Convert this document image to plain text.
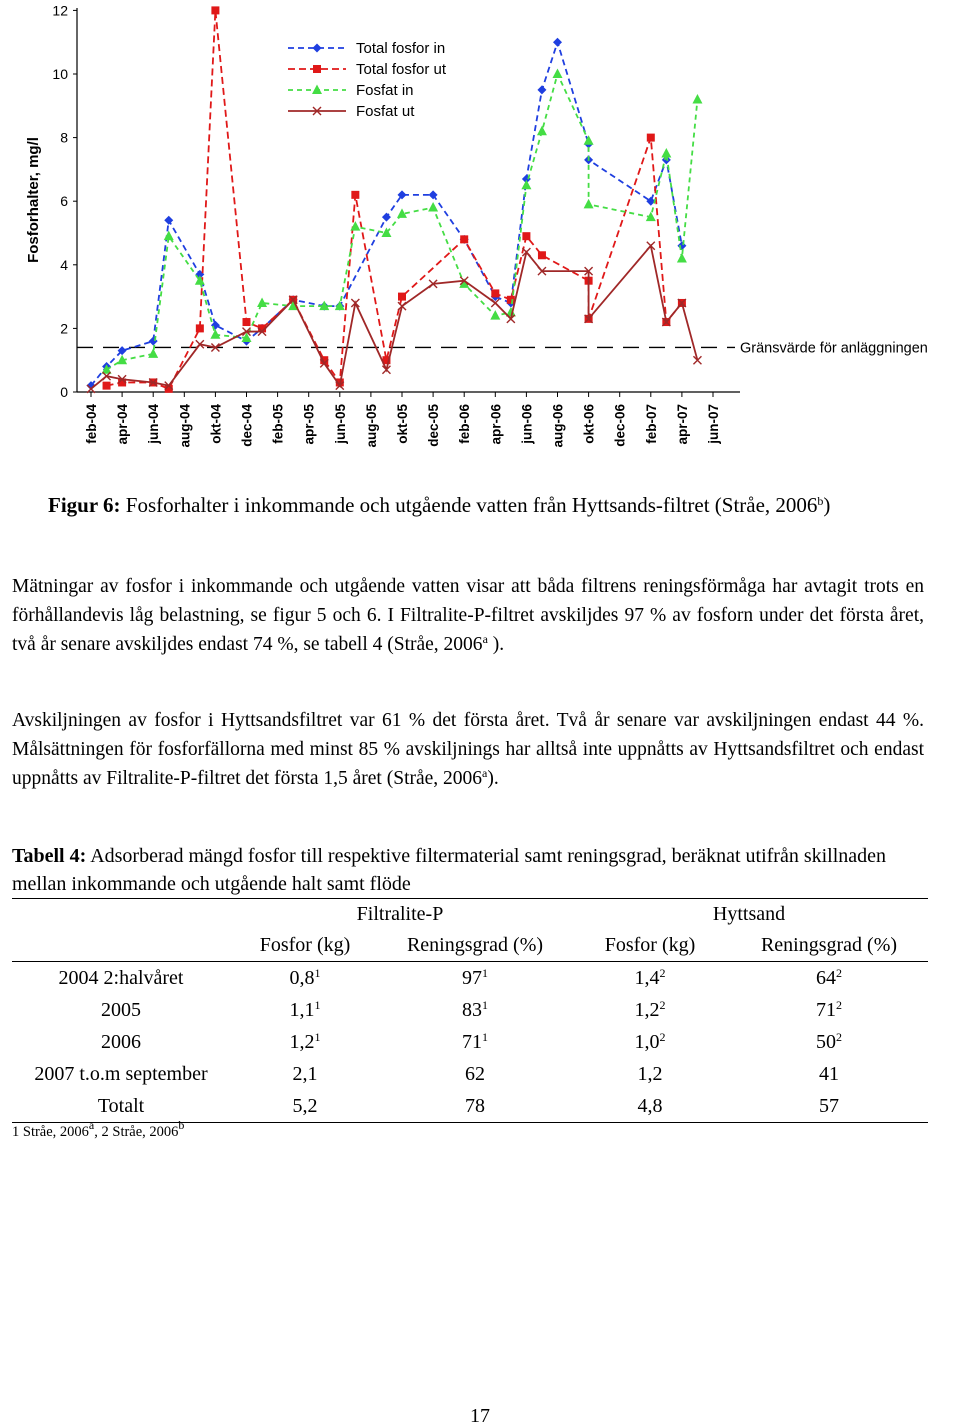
Fosforhalter, mg/l
0
2
4
6
8
10
12
feb-04 apr-04 jun-04 aug-04 okt-04 dec-04 feb-05 apr-05 jun-05 aug-05 okt-05 dec-05 feb-06 apr-06 jun-06 aug-06 okt-06 dec-06 feb-07 apr-07 jun-07
Gränsvärde för anläggningen
Total fosfor in
Total fosfor ut
Fosfat in
Fosfat ut
Figur 6: Fosforhalter i inkommande och utgående vatten från Hyttsands-filtret (Stråe, 2006$^b$)
Mätningar av fosfor i inkommande och utgående vatten visar att båda filtrens reningsförmåga har avtagit trots en förhållandevis låg belastning, se figur 5 och 6. I Filtralite-P-filtret avskiljdes 97 % av fosforn under det första året, två år senare avskiljdes endast 74 %, se tabell 4 (Stråe, 2006$^a$ ).
Avskiljningen av fosfor i Hyttsandsfiltret var 61 % det första året. Två år senare var avskiljningen endast 44 %. Målsättningen för fosforfällorna med minst 85 % avskiljnings har alltså inte uppnåtts av Hyttsandsfiltret och endast uppnåtts av Filtralite-P-filtret det första 1,5 året (Stråe, 2006$^a$).
Tabell 4: Adsorberad mängd fosfor till respektive filtermaterial samt reningsgrad, beräknat utifrån skillnaden mellan inkommande och utgående halt samt flöde
	Filtralite-P		Hyttsand	
	Fosfor (kg)	Reningsgrad (%)	Fosfor (kg)	Reningsgrad (%)
2004 2:halvåret	$0,8^1$	$97^1$	$1,4^2$	$64^2$
2005	$1,1^1$	$83^1$	$1,2^2$	$71^2$
2006	$1,2^1$	$71^1$	$1,0^2$	$50^2$
2007 t.o.m september	2,1	62	1,2	41
Totalt	5,2	78	4,8	57
1 Stråe, 2006$^a$, 2 Stråe, 2006$^b$
17
